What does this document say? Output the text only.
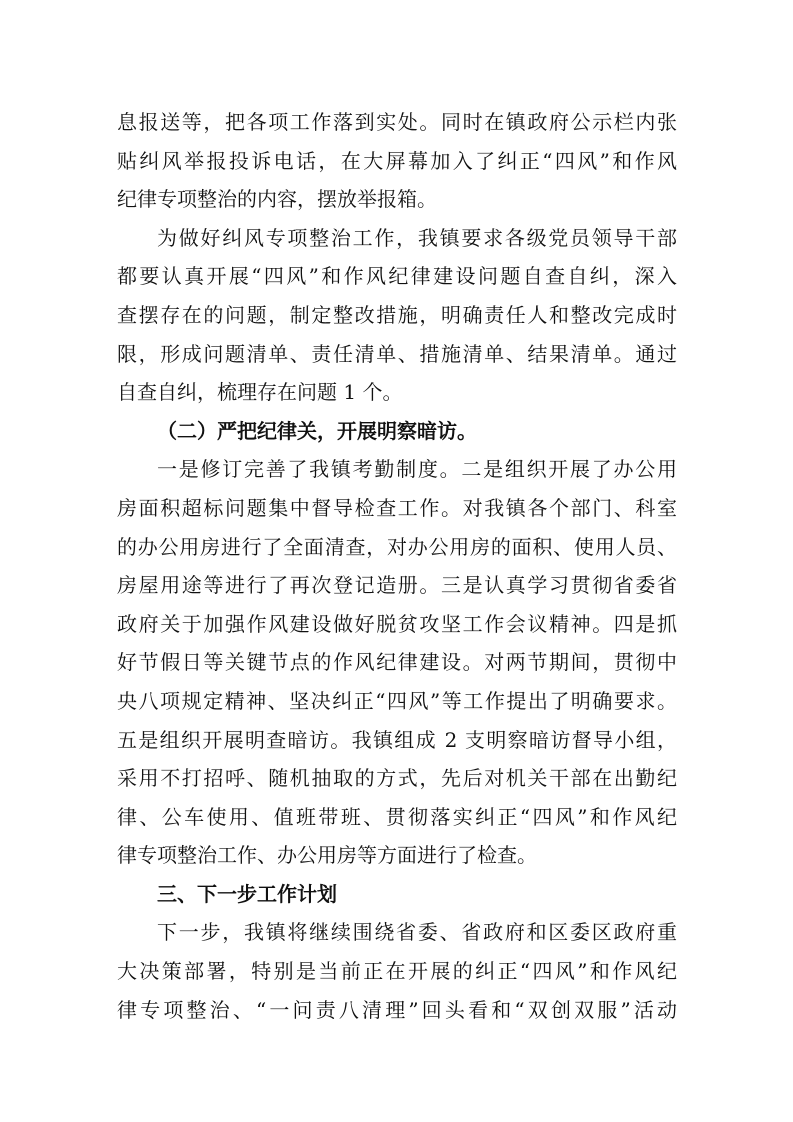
息报送等，把各项工作落到实处。同时在镇政府公示栏内张
贴纠风举报投诉电话，在大屏幕加入了纠正“四风”和作风
纪律专项整治的内容，摆放举报箱。
为做好纠风专项整治工作，我镇要求各级党员领导干部
都要认真开展“四风”和作风纪律建设问题自查自纠，深入
查摆存在的问题，制定整改措施，明确责任人和整改完成时
限，形成问题清单、责任清单、措施清单、结果清单。通过
自查自纠，梳理存在问题 1 个。
（二）严把纪律关，开展明察暗访。
一是修订完善了我镇考勤制度。二是组织开展了办公用
房面积超标问题集中督导检查工作。对我镇各个部门、科室
的办公用房进行了全面清查，对办公用房的面积、使用人员、
房屋用途等进行了再次登记造册。三是认真学习贯彻省委省
政府关于加强作风建设做好脱贫攻坚工作会议精神。四是抓
好节假日等关键节点的作风纪律建设。对两节期间，贯彻中
央八项规定精神、坚决纠正“四风”等工作提出了明确要求。
五是组织开展明查暗访。我镇组成 2 支明察暗访督导小组，
采用不打招呼、随机抽取的方式，先后对机关干部在出勤纪
律、公车使用、值班带班、贯彻落实纠正“四风”和作风纪
律专项整治工作、办公用房等方面进行了检查。
三、下一步工作计划
下一步，我镇将继续围绕省委、省政府和区委区政府重
大决策部署，特别是当前正在开展的纠正“四风”和作风纪
律专项整治、“一问责八清理”回头看和“双创双服”活动
